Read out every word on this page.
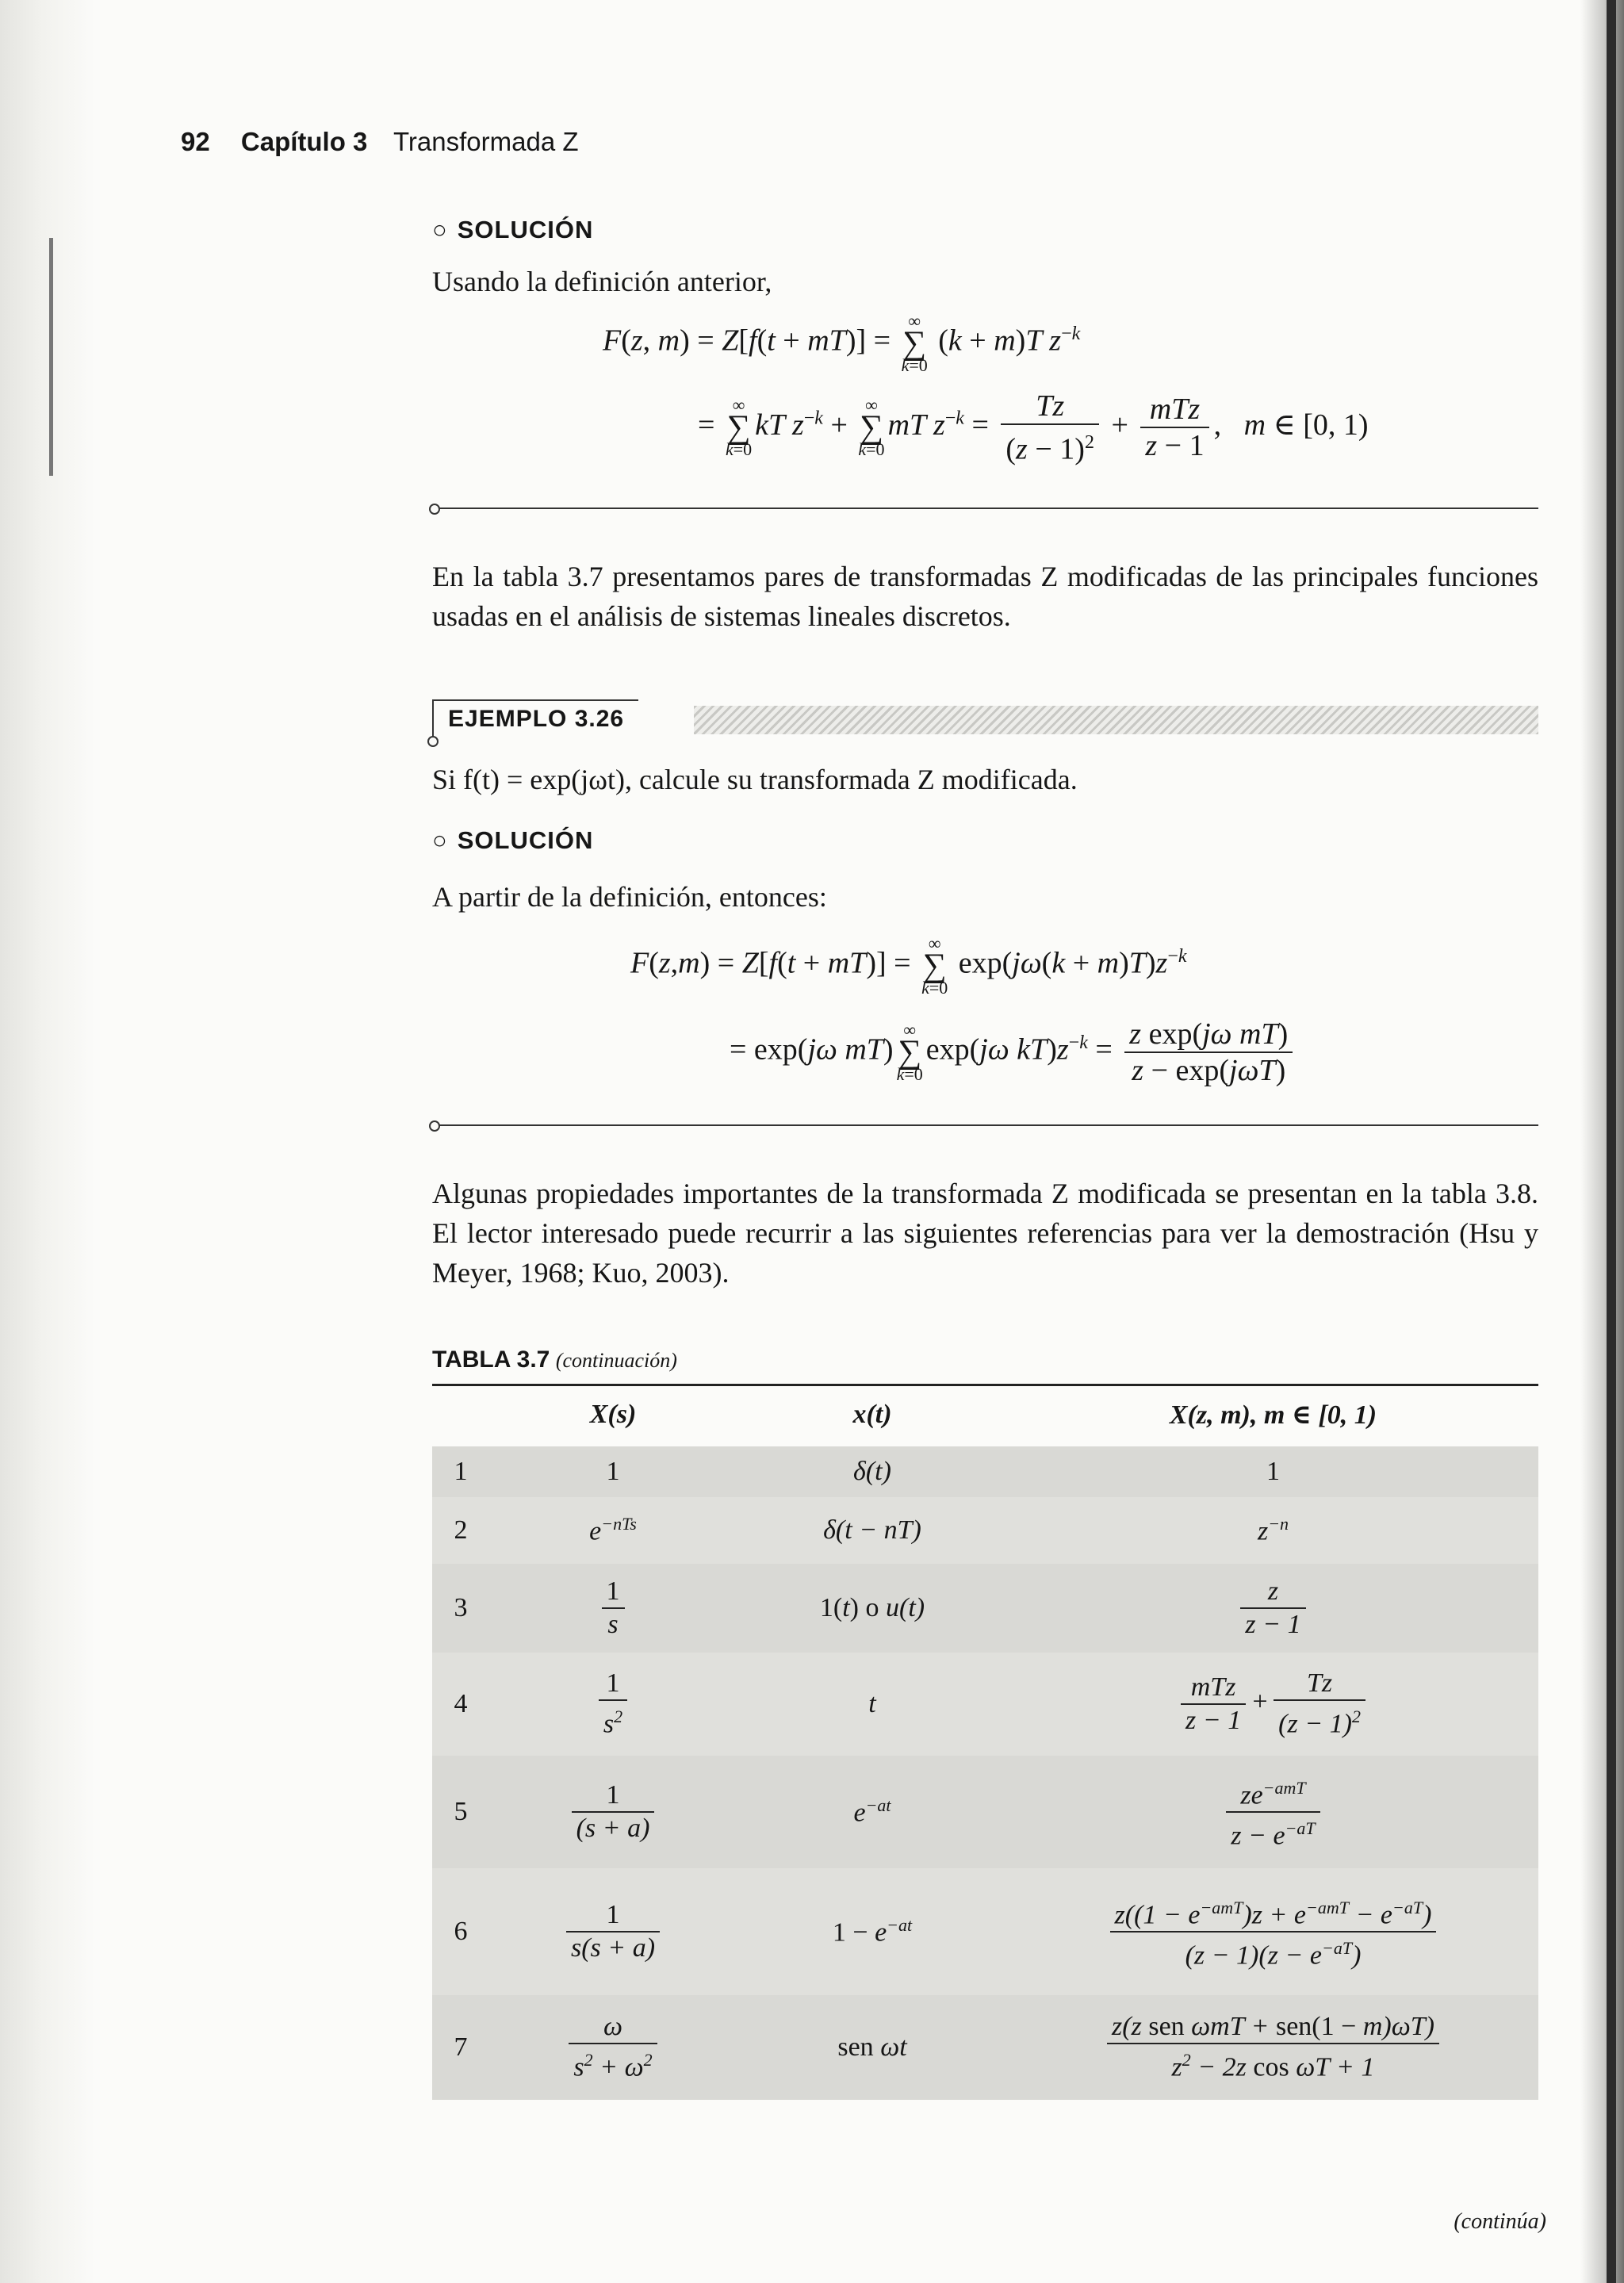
92 Capítulo 3 Transformada Z
○ SOLUCIÓN
Usando la definición anterior,
F(z, m) = Z[f(t + mT)] =
∞
∑
k=0
(k + m)T $z^{-k}$
=
∞
∑
k=0
kT $z^{-k}$ +
∞
∑
k=0
mT $z^{-k} = \frac{Tz}{(z - 1)^2} + \frac{\text{mTz}}{z - 1}$ ,   m ∈ [0, 1)
En la tabla 3.7 presentamos pares de transformadas Z modificadas de las principales funciones usadas en el análisis de sistemas lineales discretos.
EJEMPLO 3.26
Si f(t) = exp(jωt), calcule su transformada Z modificada.
○ SOLUCIÓN
A partir de la definición, entonces:
F(z,m) = Z[f(t + mT)] =
∞
∑
k=0
$\exp(j\omega(k + m)T)z^{-k}$
= exp(jω mT)
∞
∑
k=0
exp(jω $kT)z^{-k} = \frac{\text{z exp(jω mT)}}{\text{z − exp(jωT)}}$
Algunas propiedades importantes de la transformada Z modificada se presentan en la tabla 3.8. El lector interesado puede recurrir a las siguientes referencias para ver la demostración (Hsu y Meyer, 1968; Kuo, 2003).
TABLA 3.7 (continuación)
	X(s)	x(t)	X(z, m), m ∈ [0, 1)
1	1	δ(t)	1
2	$e^{-nTs}$	δ(t − nT)	$z^{-n}$
3	$\frac{1}{s}$	1(t) o u(t)	$\frac{z}{z - 1}$

4	$\frac{1}{s^2}$	t	$\frac{\text{mTz}}{z - 1} + \frac{Tz}{(z - 1)^2}$

5	$\frac{1}{(s + a)}$	$e^{-at}$	$\frac{ze^{-amT}}{z - e^{-aT}}$

6	$\frac{1}{s(s + a)}$	$1 - e^{-at}$	$\frac{z((1 - e^{-amT})z + e^{-amT} - e^{-aT})}{(z - 1)(z - e^{-aT})}$

7	$\frac{\omega}{s^2 + \omega^2}$	sen ωt	$\frac{\text{z(z sen ωmT + sen(1 − m)ωT)}}{z^2 - 2z \cos \omega T + 1}$
(continúa)
